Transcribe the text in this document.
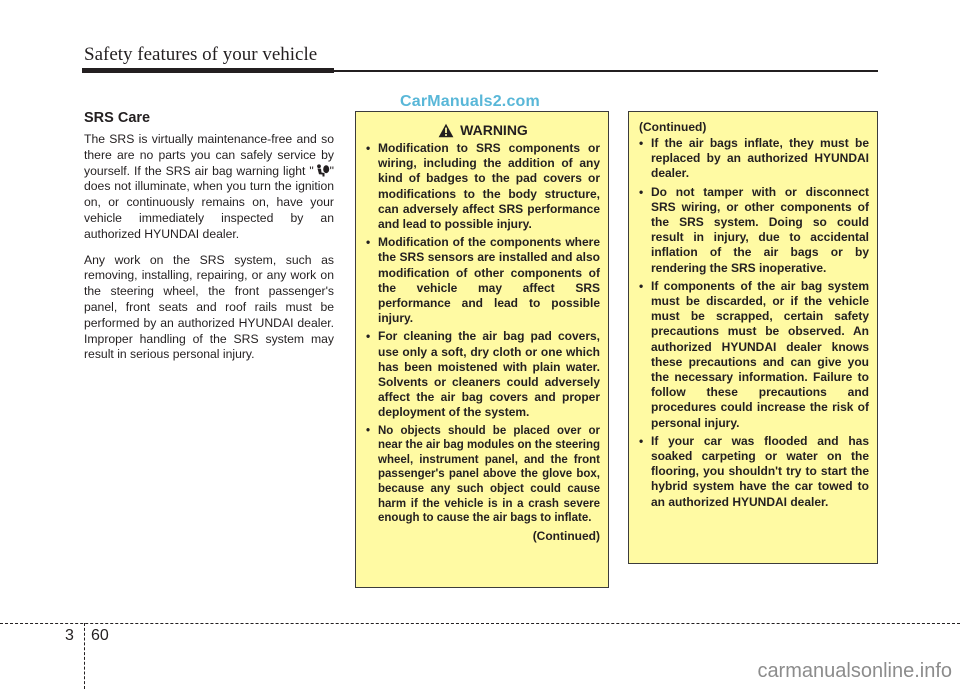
Safety features of your vehicle
CarManuals2.com
SRS Care

The SRS is virtually maintenance-free and so there are no parts you can safely service by yourself. If the SRS air bag warning light " " does not illuminate, when you turn the ignition on, or continuously remains on, have your vehicle immediately inspected by an authorized HYUNDAI dealer.

Any work on the SRS system, such as removing, installing, repairing, or any work on the steering wheel, the front passenger's panel, front seats and roof rails must be performed by an authorized HYUNDAI dealer. Improper handling of the SRS system may result in serious personal injury.

WARNING
• Modification to SRS components or wiring, including the addition of any kind of badges to the pad covers or modifications to the body structure, can adversely affect SRS performance and lead to possible injury.
• Modification of the components where the SRS sensors are installed and also modification of other components of the vehicle may affect SRS performance and lead to possible injury.
• For cleaning the air bag pad covers, use only a soft, dry cloth or one which has been moistened with plain water. Solvents or cleaners could adversely affect the air bag covers and proper deployment of the system.
• No objects should be placed over or near the air bag modules on the steering wheel, instrument panel, and the front passenger's panel above the glove box, because any such object could cause harm if the vehicle is in a crash severe enough to cause the air bags to inflate.
(Continued)
(Continued)
• If the air bags inflate, they must be replaced by an authorized HYUNDAI dealer.
• Do not tamper with or disconnect SRS wiring, or other components of the SRS system. Doing so could result in injury, due to accidental inflation of the air bags or by rendering the SRS inoperative.
• If components of the air bag system must be discarded, or if the vehicle must be scrapped, certain safety precautions must be observed. An authorized HYUNDAI dealer knows these precautions and can give you the necessary information. Failure to follow these precautions and procedures could increase the risk of personal injury.
• If your car was flooded and has soaked carpeting or water on the flooring, you shouldn't try to start the hybrid system have the car towed to an authorized HYUNDAI dealer.
3 60
carmanualsonline.info
